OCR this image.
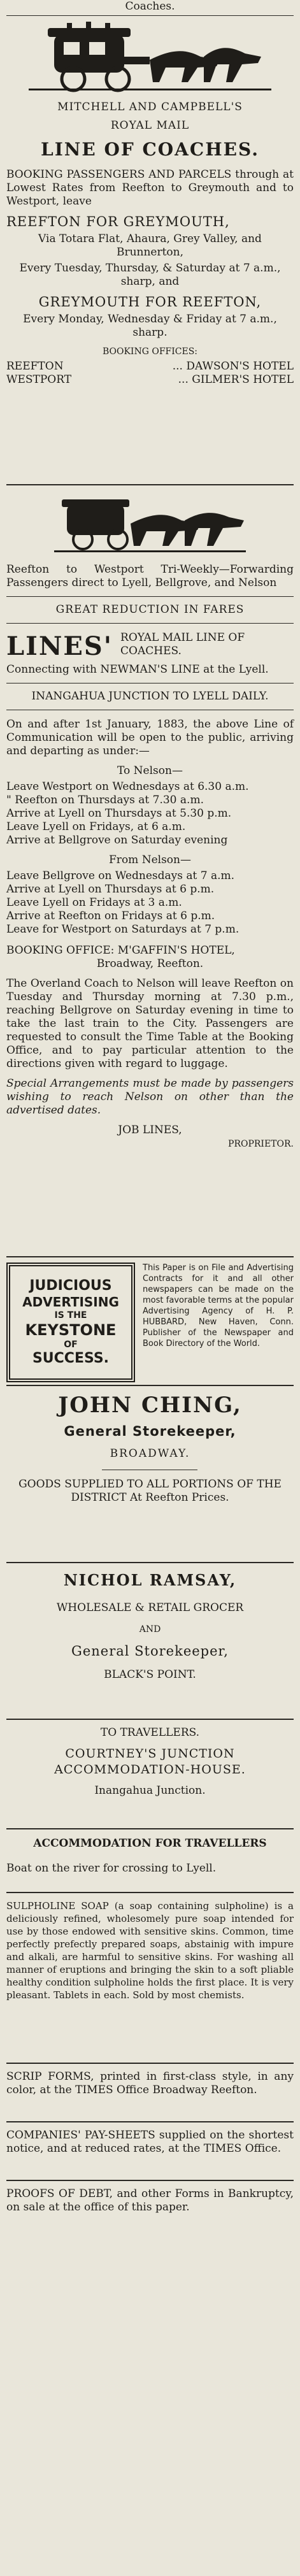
Coaches.

MITCHELL AND CAMPBELL'S

ROYAL MAIL

LINE OF COACHES.

BOOKING PASSENGERS AND PARCELS through at Lowest Rates from Reefton to Greymouth and to Westport, leave

REEFTON FOR GREYMOUTH,

Via Totara Flat, Ahaura, Grey Valley, and Brunnerton,

Every Tuesday, Thursday, & Saturday at 7 a.m., sharp, and

GREYMOUTH FOR REEFTON,

Every Monday, Wednesday & Friday at 7 a.m., sharp.

BOOKING OFFICES:

REEFTON	... DAWSON'S HOTEL
WESTPORT	... GILMER'S HOTEL

Reefton to Westport Tri-Weekly—Forwarding Passengers direct to Lyell, Bellgrove, and Nelson

GREAT REDUCTION IN FARES

LINES' ROYAL MAIL LINE OF COACHES.

Connecting with NEWMAN'S LINE at the Lyell.

INANGAHUA JUNCTION TO LYELL DAILY.

On and after 1st January, 1883, the above Line of Communication will be open to the public, arriving and departing as under:—

To Nelson—

Leave Westport on Wednesdays at 6.30 a.m.

" Reefton on Thursdays at 7.30 a.m.

Arrive at Lyell on Thursdays at 5.30 p.m.

Leave Lyell on Fridays, at 6 a.m.

Arrive at Bellgrove on Saturday evening

From Nelson—

Leave Bellgrove on Wednesdays at 7 a.m.

Arrive at Lyell on Thursdays at 6 p.m.

Leave Lyell on Fridays at 3 a.m.

Arrive at Reefton on Fridays at 6 p.m.

Leave for Westport on Saturdays at 7 p.m.

BOOKING OFFICE: M'GAFFIN'S HOTEL,

Broadway, Reefton.

The Overland Coach to Nelson will leave Reefton on Tuesday and Thursday morning at 7.30 p.m., reaching Bellgrove on Saturday evening in time to take the last train to the City. Passengers are requested to consult the Time Table at the Booking Office, and to pay particular attention to the directions given with regard to luggage.

Special Arrangements must be made by passengers wishing to reach Nelson on other than the advertised dates.

JOB LINES,

PROPRIETOR.

JUDICIOUS
ADVERTISING
IS THE
KEYSTONE
OF
SUCCESS.

This Paper is on File and Advertising Contracts for it and all other newspapers can be made on the most favorable terms at the popular Advertising Agency of H. P. HUBBARD, New Haven, Conn. Publisher of the Newspaper and Book Directory of the World.

JOHN CHING,

General Storekeeper,

BROADWAY.

GOODS SUPPLIED TO ALL PORTIONS OF THE DISTRICT At Reefton Prices.

NICHOL RAMSAY,

WHOLESALE & RETAIL GROCER

AND

General Storekeeper,

BLACK'S POINT.

TO TRAVELLERS.

COURTNEY'S JUNCTION ACCOMMODATION-HOUSE.

Inangahua Junction.

ACCOMMODATION FOR TRAVELLERS

Boat on the river for crossing to Lyell.

SULPHOLINE SOAP (a soap containing sulpholine) is a deliciously refined, wholesomely pure soap intended for use by those endowed with sensitive skins. Common, time perfectly prefectly prepared soaps, abstainig with impure and alkali, are harmful to sensitive skins. For washing all manner of eruptions and bringing the skin to a soft pliable healthy condition sulpholine holds the first place. It is very pleasant. Tablets in each. Sold by most chemists.

SCRIP FORMS, printed in first-class style, in any color, at the TIMES Office Broadway Reefton.

COMPANIES' PAY-SHEETS supplied on the shortest notice, and at reduced rates, at the TIMES Office.

PROOFS OF DEBT, and other Forms in Bankruptcy, on sale at the office of this paper.
